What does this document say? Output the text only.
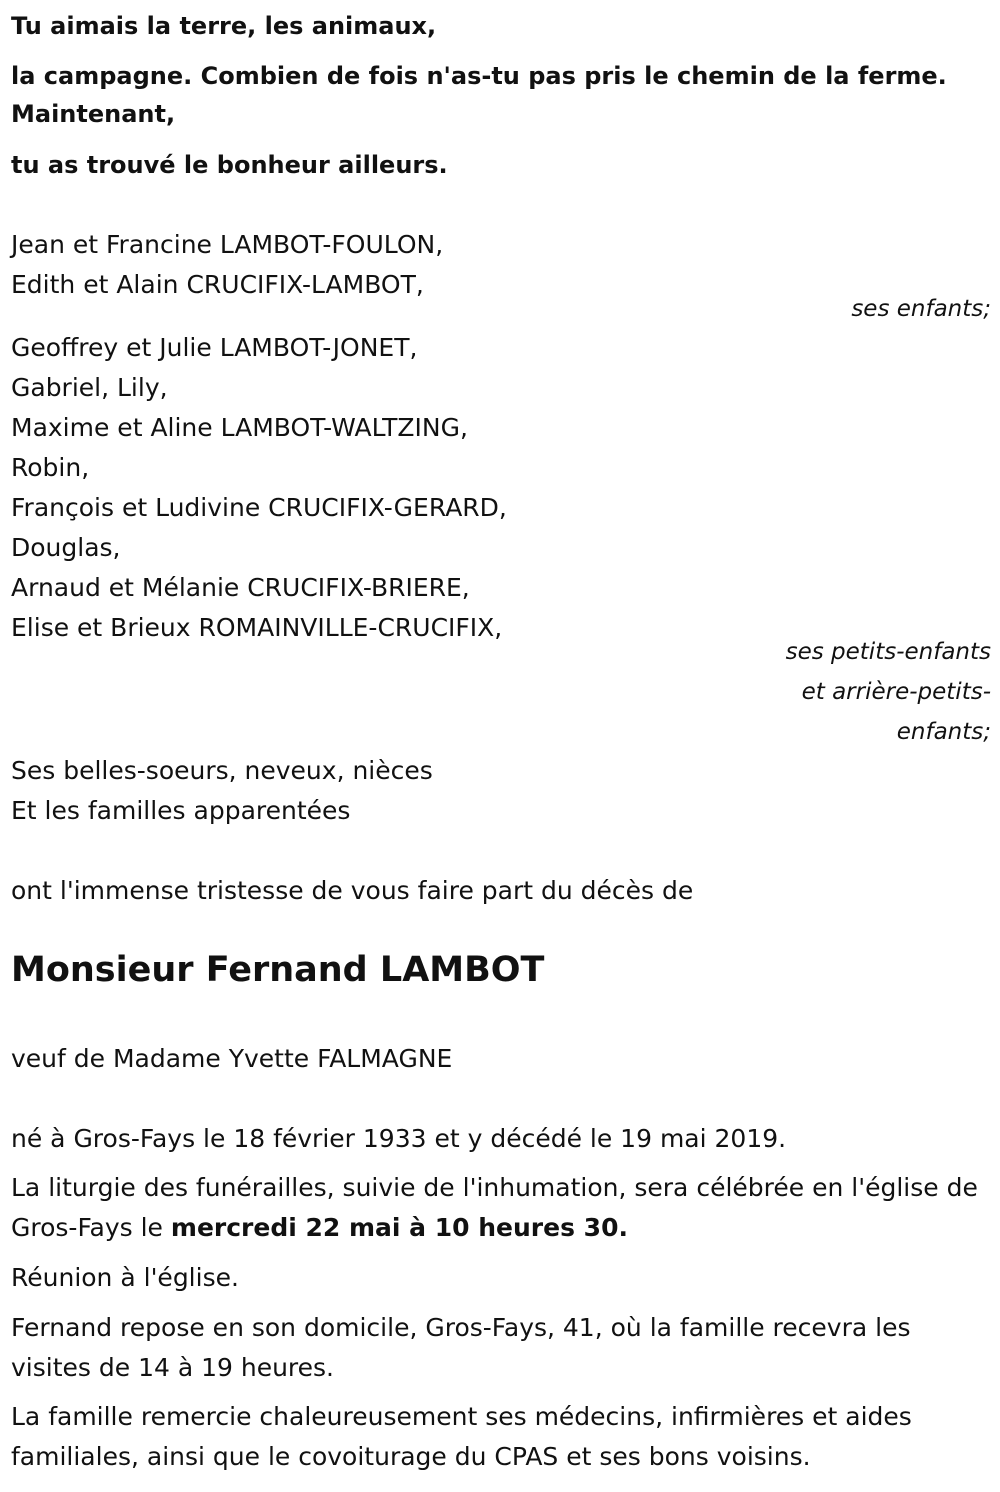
Tu aimais la terre, les animaux,
la campagne. Combien de fois n'as-tu pas pris le chemin de la ferme. Maintenant,
tu as trouvé le bonheur ailleurs.
Jean et Francine LAMBOT-FOULON,
Edith et Alain CRUCIFIX-LAMBOT,
ses enfants;
Geoffrey et Julie LAMBOT-JONET,
Gabriel, Lily,
Maxime et Aline LAMBOT-WALTZING,
Robin,
François et Ludivine CRUCIFIX-GERARD,
Douglas,
Arnaud et Mélanie CRUCIFIX-BRIERE,
Elise et Brieux ROMAINVILLE-CRUCIFIX,
ses petits-enfants
et arrière-petits-
enfants;
Ses belles-soeurs, neveux, nièces
Et les familles apparentées
ont l'immense tristesse de vous faire part du décès de
Monsieur Fernand LAMBOT
veuf de Madame Yvette FALMAGNE
né à Gros-Fays le 18 février 1933 et y décédé le 19 mai 2019.
La liturgie des funérailles, suivie de l'inhumation, sera célébrée en l'église de Gros-Fays le mercredi 22 mai à 10 heures 30.
Réunion à l'église.
Fernand repose en son domicile, Gros-Fays, 41, où la famille recevra les visites de 14 à 19 heures.
La famille remercie chaleureusement ses médecins, infirmières et aides familiales, ainsi que le covoiturage du CPAS et ses bons voisins.
